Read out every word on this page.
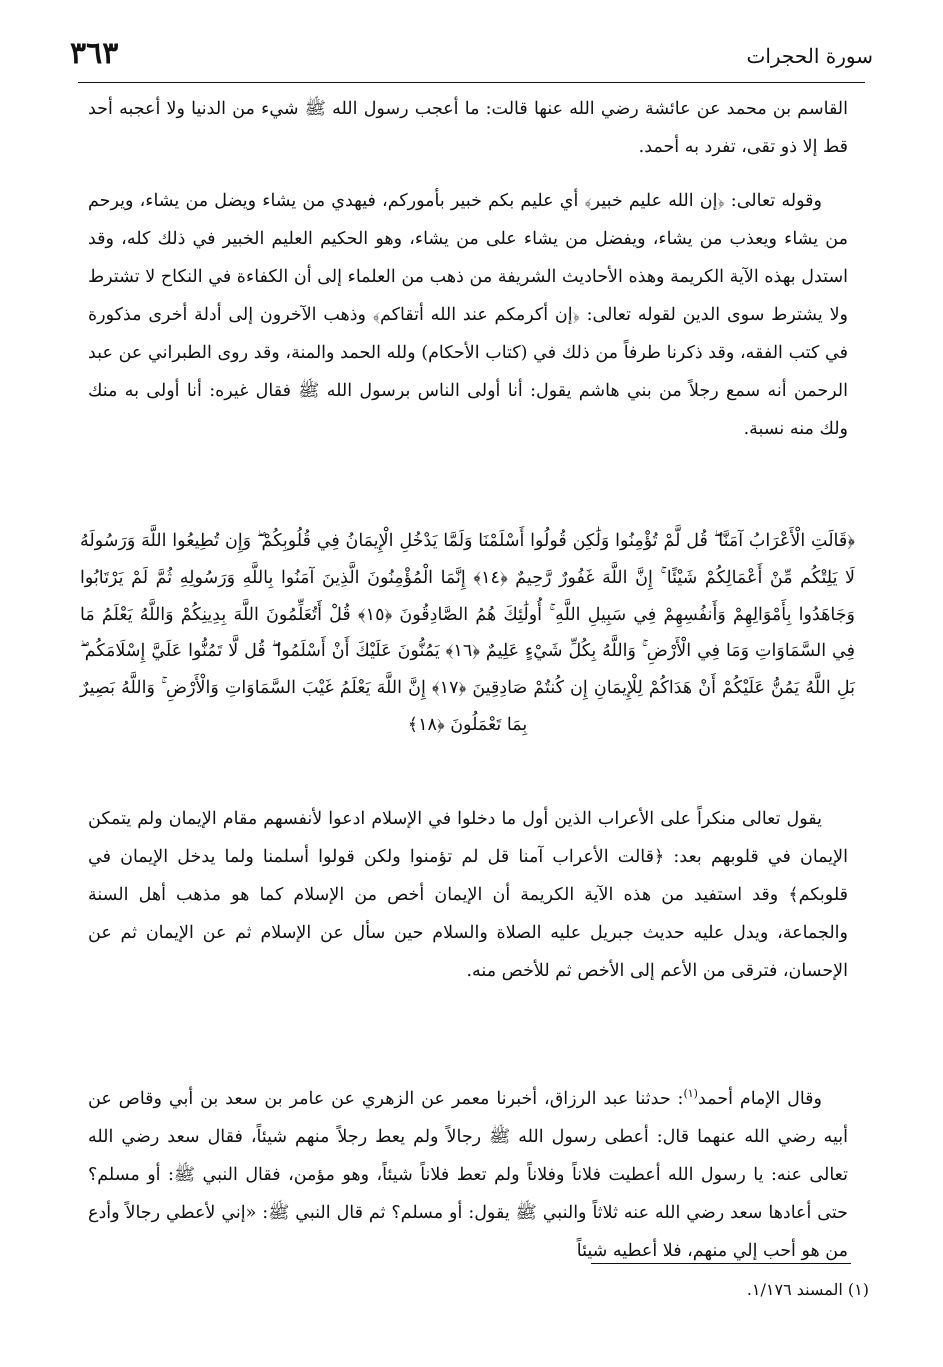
سورة الحجرات
٣٦٣

القاسم بن محمد عن عائشة رضي الله عنها قالت: ما أعجب رسول الله ﷺ شيء من الدنيا ولا أعجبه أحد قط إلا ذو تقى، تفرد به أحمد.

وقوله تعالى: ﴿إن الله عليم خبير﴾ أي عليم بكم خبير بأموركم، فيهدي من يشاء ويضل من يشاء، ويرحم من يشاء ويعذب من يشاء، ويفضل من يشاء على من يشاء، وهو الحكيم العليم الخبير في ذلك كله، وقد استدل بهذه الآية الكريمة وهذه الأحاديث الشريفة من ذهب من العلماء إلى أن الكفاءة في النكاح لا تشترط ولا يشترط سوى الدين لقوله تعالى: ﴿إن أكرمكم عند الله أتقاكم﴾ وذهب الآخرون إلى أدلة أخرى مذكورة في كتب الفقه، وقد ذكرنا طرفاً من ذلك في (كتاب الأحكام) ولله الحمد والمنة، وقد روى الطبراني عن عبد الرحمن أنه سمع رجلاً من بني هاشم يقول: أنا أولى الناس برسول الله ﷺ فقال غيره: أنا أولى به منك ولك منه نسبة.

﴿قَالَتِ الْأَعْرَابُ آمَنَّا ۖ قُل لَّمْ تُؤْمِنُوا وَلَٰكِن قُولُوا أَسْلَمْنَا وَلَمَّا يَدْخُلِ الْإِيمَانُ فِي قُلُوبِكُمْ ۖ وَإِن تُطِيعُوا اللَّهَ وَرَسُولَهُ لَا يَلِتْكُم مِّنْ أَعْمَالِكُمْ شَيْئًا ۚ إِنَّ اللَّهَ غَفُورٌ رَّحِيمٌ ﴿١٤﴾ إِنَّمَا الْمُؤْمِنُونَ الَّذِينَ آمَنُوا بِاللَّهِ وَرَسُولِهِ ثُمَّ لَمْ يَرْتَابُوا وَجَاهَدُوا بِأَمْوَالِهِمْ وَأَنفُسِهِمْ فِي سَبِيلِ اللَّهِ ۚ أُولَٰئِكَ هُمُ الصَّادِقُونَ ﴿١٥﴾ قُلْ أَتُعَلِّمُونَ اللَّهَ بِدِينِكُمْ وَاللَّهُ يَعْلَمُ مَا فِي السَّمَاوَاتِ وَمَا فِي الْأَرْضِ ۚ وَاللَّهُ بِكُلِّ شَيْءٍ عَلِيمٌ ﴿١٦﴾ يَمُنُّونَ عَلَيْكَ أَنْ أَسْلَمُوا ۖ قُل لَّا تَمُنُّوا عَلَيَّ إِسْلَامَكُم ۖ بَلِ اللَّهُ يَمُنُّ عَلَيْكُمْ أَنْ هَدَاكُمْ لِلْإِيمَانِ إِن كُنتُمْ صَادِقِينَ ﴿١٧﴾ إِنَّ اللَّهَ يَعْلَمُ غَيْبَ السَّمَاوَاتِ وَالْأَرْضِ ۚ وَاللَّهُ بَصِيرٌ بِمَا تَعْمَلُونَ ﴿١٨﴾

يقول تعالى منكراً على الأعراب الذين أول ما دخلوا في الإسلام ادعوا لأنفسهم مقام الإيمان ولم يتمكن الإيمان في قلوبهم بعد: ﴿قالت الأعراب آمنا قل لم تؤمنوا ولكن قولوا أسلمنا ولما يدخل الإيمان في قلوبكم﴾ وقد استفيد من هذه الآية الكريمة أن الإيمان أخص من الإسلام كما هو مذهب أهل السنة والجماعة، ويدل عليه حديث جبريل عليه الصلاة والسلام حين سأل عن الإسلام ثم عن الإيمان ثم عن الإحسان، فترقى من الأعم إلى الأخص ثم للأخص منه.

وقال الإمام أحمد$^{(١)}$: حدثنا عبد الرزاق، أخبرنا معمر عن الزهري عن عامر بن سعد بن أبي وقاص عن أبيه رضي الله عنهما قال: أعطى رسول الله ﷺ رجالاً ولم يعط رجلاً منهم شيئاً، فقال سعد رضي الله تعالى عنه: يا رسول الله أعطيت فلاناً وفلاناً ولم تعط فلاناً شيئاً، وهو مؤمن، فقال النبي ﷺ: أو مسلم؟ حتى أعادها سعد رضي الله عنه ثلاثاً والنبي ﷺ يقول: أو مسلم؟ ثم قال النبي ﷺ: «إني لأعطي رجالاً وأدع من هو أحب إلي منهم، فلا أعطيه شيئاً

(١) المسند ١/١٧٦.
